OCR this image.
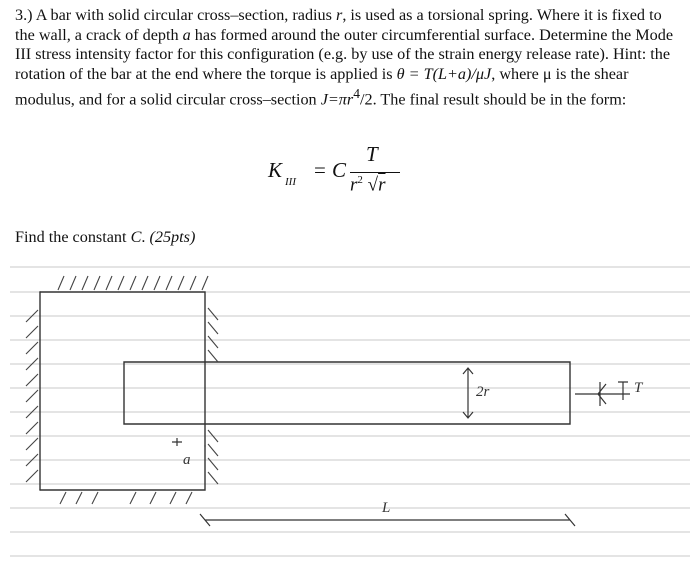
3.) A bar with solid circular cross–section, radius r, is used as a torsional spring. Where it is fixed to the wall, a crack of depth a has formed around the outer circumferential surface. Determine the Mode III stress intensity factor for this configuration (e.g. by use of the strain energy release rate). Hint: the rotation of the bar at the end where the torque is applied is θ = T(L+a)/μJ, where μ is the shear modulus, and for a solid circular cross–section $J=\pi r^4/2$. The final result should be in the form:

K III = C
T
$r^2$ √r
Find the constant C. (25pts)
a
2r
L
T
